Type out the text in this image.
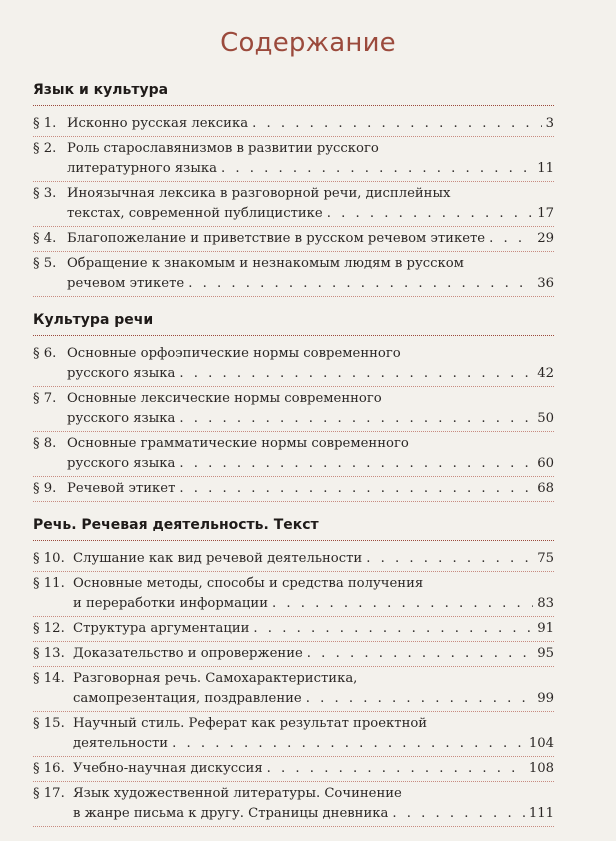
Содержание
Язык и культура
§ 1. Исконно русская лексика . . .	3
§ 2. Роль старославянизмов в развитии русского
литературного языка . . .	11
§ 3. Иноязычная лексика в разговорной речи, дисплейных
текстах, современной публицистике . . .	17
§ 4. Благопожелание и приветствие в русском речевом этикете . . .	29
§ 5. Обращение к знакомым и незнакомым людям в русском
речевом этикете . . .	36
Культура речи
§ 6. Основные орфоэпические нормы современного
русского языка . . .	42
§ 7. Основные лексические нормы современного
русского языка . . .	50
§ 8. Основные грамматические нормы современного
русского языка . . .	60
§ 9. Речевой этикет . . .	68
Речь. Речевая деятельность. Текст
§ 10. Слушание как вид речевой деятельности . . .	75
§ 11. Основные методы, способы и средства получения
и переработки информации . . .	83
§ 12. Структура аргументации . . .	91
§ 13. Доказательство и опровержение . . .	95
§ 14. Разговорная речь. Самохарактеристика,
самопрезентация, поздравление . . .	99
§ 15. Научный стиль. Реферат как результат проектной
деятельности . . .	104
§ 16. Учебно-научная дискуссия . . .	108
§ 17. Язык художественной литературы. Сочинение
в жанре письма к другу. Страницы дневника . . .	111
